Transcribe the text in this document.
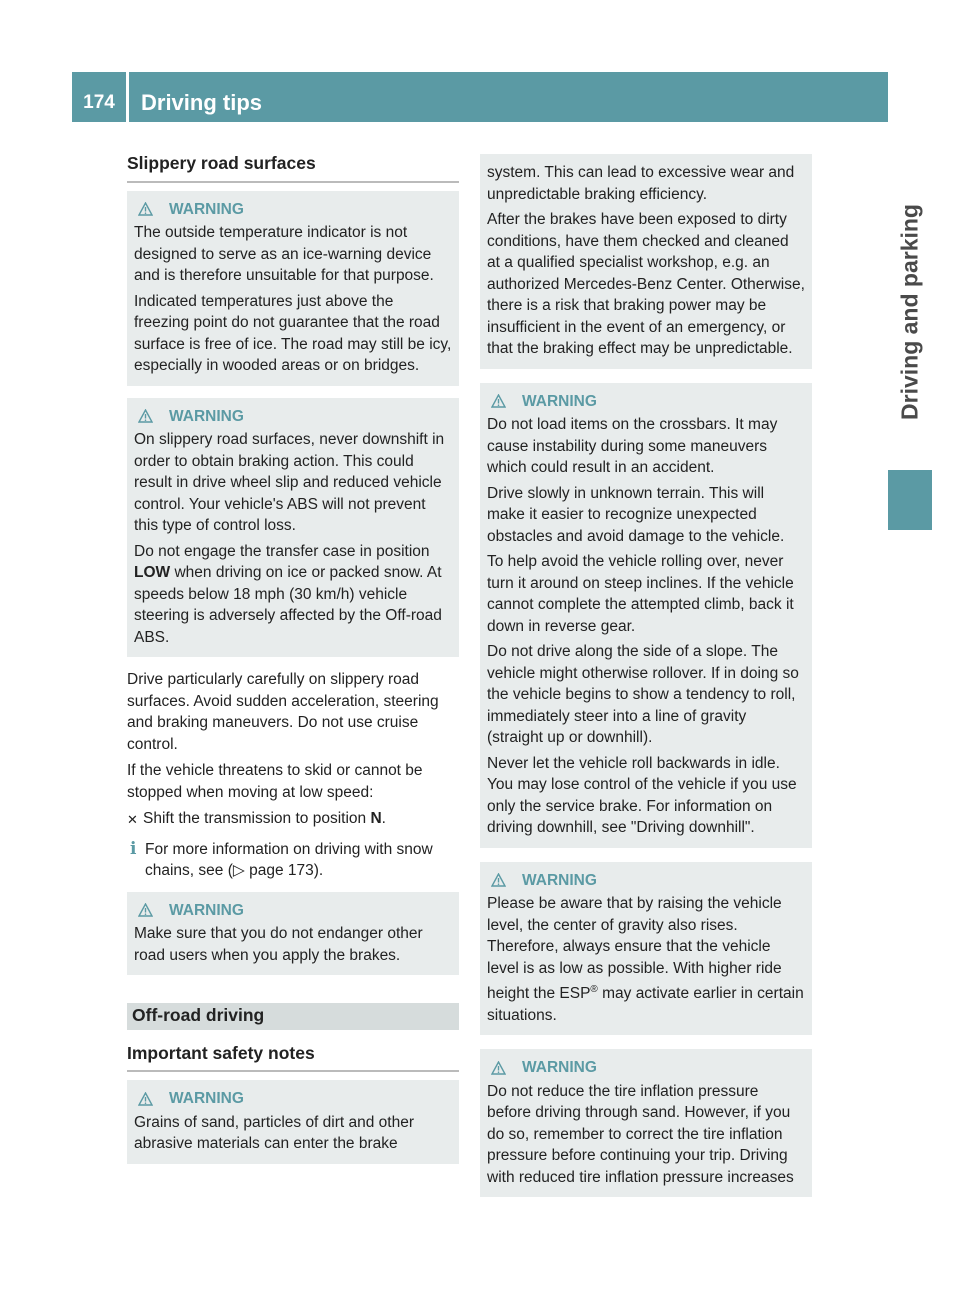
174	Driving tips
Driving and parking
Slippery road surfaces
WARNING

The outside temperature indicator is not designed to serve as an ice-warning device and is therefore unsuitable for that purpose.

Indicated temperatures just above the freezing point do not guarantee that the road surface is free of ice. The road may still be icy, especially in wooded areas or on bridges.

WARNING

On slippery road surfaces, never downshift in order to obtain braking action. This could result in drive wheel slip and reduced vehicle control. Your vehicle's ABS will not prevent this type of control loss.

Do not engage the transfer case in position LOW when driving on ice or packed snow. At speeds below 18 mph (30 km/h) vehicle steering is adversely affected by the Off-road ABS.

Drive particularly carefully on slippery road surfaces. Avoid sudden acceleration, steering and braking maneuvers. Do not use cruise control.

If the vehicle threatens to skid or cannot be stopped when moving at low speed:

✕ Shift the transmission to position N.
i For more information on driving with snow chains, see (▷ page 173).
WARNING

Make sure that you do not endanger other road users when you apply the brakes.

Off-road driving
Important safety notes
WARNING

Grains of sand, particles of dirt and other abrasive materials can enter the brake

system. This can lead to excessive wear and unpredictable braking efficiency.

After the brakes have been exposed to dirty conditions, have them checked and cleaned at a qualified specialist workshop, e.g. an authorized Mercedes-Benz Center. Otherwise, there is a risk that braking power may be insufficient in the event of an emergency, or that the braking effect may be unpredictable.

WARNING

Do not load items on the crossbars. It may cause instability during some maneuvers which could result in an accident.

Drive slowly in unknown terrain. This will make it easier to recognize unexpected obstacles and avoid damage to the vehicle.

To help avoid the vehicle rolling over, never turn it around on steep inclines. If the vehicle cannot complete the attempted climb, back it down in reverse gear.

Do not drive along the side of a slope. The vehicle might otherwise rollover. If in doing so the vehicle begins to show a tendency to roll, immediately steer into a line of gravity (straight up or downhill).

Never let the vehicle roll backwards in idle. You may lose control of the vehicle if you use only the service brake. For information on driving downhill, see "Driving downhill".

WARNING

Please be aware that by raising the vehicle level, the center of gravity also rises. Therefore, always ensure that the vehicle level is as low as possible. With higher ride height the ESP® may activate earlier in certain situations.

WARNING

Do not reduce the tire inflation pressure before driving through sand. However, if you do so, remember to correct the tire inflation pressure before continuing your trip. Driving with reduced tire inflation pressure increases
